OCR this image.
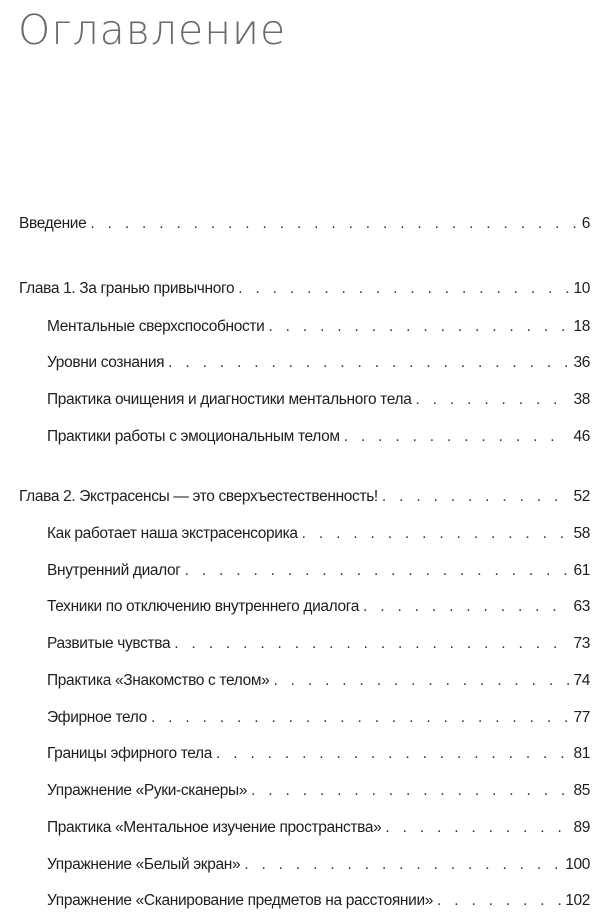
Оглавление
Введение . . .	6
Глава 1. За гранью привычного . . .	10
Ментальные сверхспособности . . .	18
Уровни сознания . . .	36
Практика очищения и диагностики ментального тела . . .	38
Практики работы с эмоциональным телом . . .	46
Глава 2. Экстрасенсы — это сверхъестественность! . . .	52
Как работает наша экстрасенсорика . . .	58
Внутренний диалог . . .	61
Техники по отключению внутреннего диалога . . .	63
Развитые чувства . . .	73
Практика «Знакомство с телом» . . .	74
Эфирное тело . . .	77
Границы эфирного тела . . .	81
Упражнение «Руки-сканеры» . . .	85
Практика «Ментальное изучение пространства» . . .	89
Упражнение «Белый экран» . . .	100
Упражнение «Сканирование предметов на расстоянии» . . .	102
